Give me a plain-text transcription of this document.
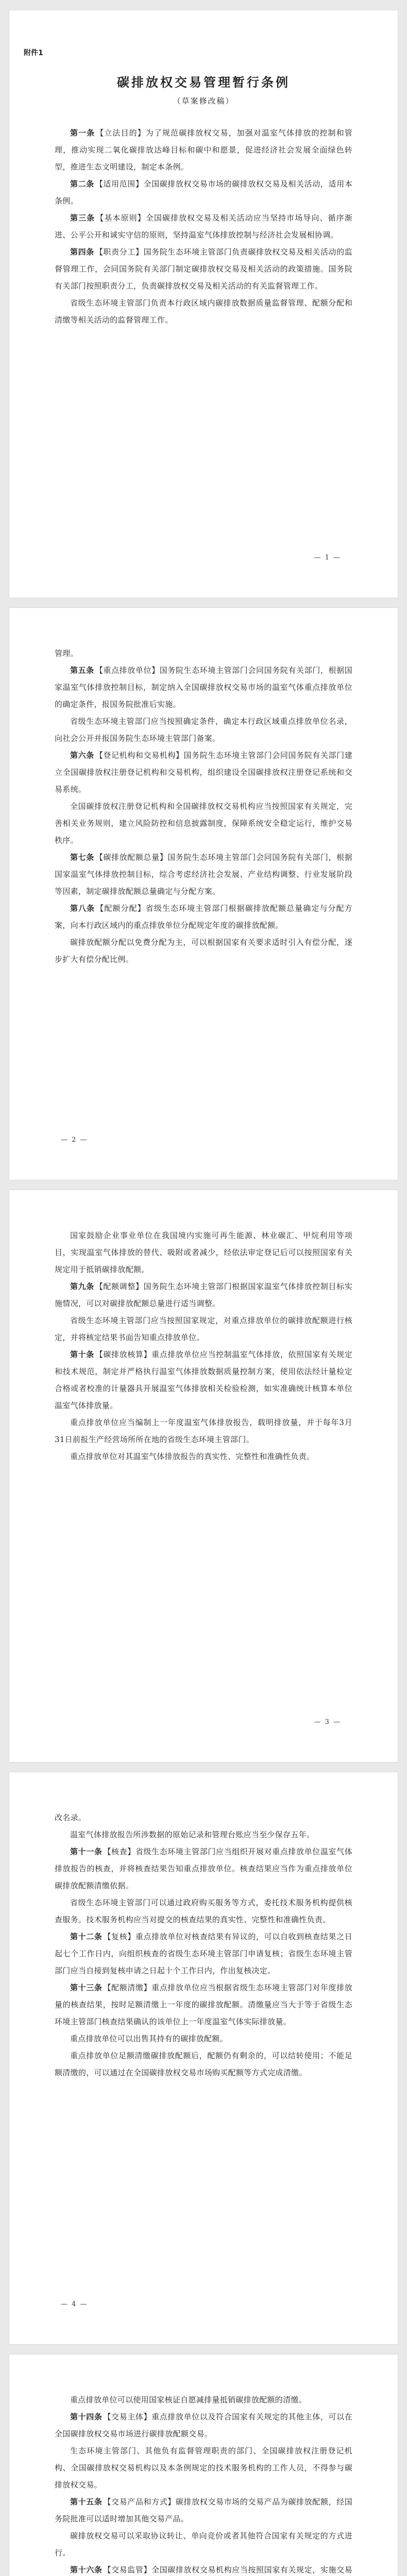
附件1
碳排放权交易管理暂行条例
（草案修改稿）

第一条 【立法目的】为了规范碳排放权交易，加强对温室气体排放的控制和管理，推动实现二氧化碳排放达峰目标和碳中和愿景，促进经济社会发展全面绿色转型，推进生态文明建设，制定本条例。

第二条 【适用范围】全国碳排放权交易市场的碳排放权交易及相关活动，适用本条例。

第三条 【基本原则】全国碳排放权交易及相关活动应当坚持市场导向、循序渐进、公平公开和诚实守信的原则，坚持温室气体排放控制与经济社会发展相协调。

第四条 【职责分工】国务院生态环境主管部门负责碳排放权交易及相关活动的监督管理工作，会同国务院有关部门制定碳排放权交易及相关活动的政策措施。国务院有关部门按照职责分工，负责碳排放权交易及相关活动的有关监督管理工作。

省级生态环境主管部门负责本行政区域内碳排放数据质量监督管理、配额分配和清缴等相关活动的监督管理工作。

— 1 —

管理。

第五条 【重点排放单位】国务院生态环境主管部门会同国务院有关部门，根据国家温室气体排放控制目标，制定纳入全国碳排放权交易市场的温室气体重点排放单位的确定条件，报国务院批准后实施。

省级生态环境主管部门应当按照确定条件，确定本行政区域重点排放单位名录，向社会公开并报国务院生态环境主管部门备案。

第六条 【登记机构和交易机构】国务院生态环境主管部门会同国务院有关部门建立全国碳排放权注册登记机构和交易机构，组织建设全国碳排放权注册登记系统和交易系统。

全国碳排放权注册登记机构和全国碳排放权交易机构应当按照国家有关规定，完善相关业务规则，建立风险防控和信息披露制度，保障系统安全稳定运行，维护交易秩序。

第七条 【碳排放配额总量】国务院生态环境主管部门会同国务院有关部门，根据国家温室气体排放控制目标，综合考虑经济社会发展、产业结构调整、行业发展阶段等因素，制定碳排放配额总量确定与分配方案。

第八条 【配额分配】省级生态环境主管部门根据碳排放配额总量确定与分配方案，向本行政区域内的重点排放单位分配规定年度的碳排放配额。

碳排放配额分配以免费分配为主，可以根据国家有关要求适时引入有偿分配，逐步扩大有偿分配比例。

— 2 —

国家鼓励企业事业单位在我国境内实施可再生能源、林业碳汇、甲烷利用等项目，实现温室气体排放的替代、吸附或者减少，经依法审定登记后可以按照国家有关规定用于抵销碳排放配额。

第九条 【配额调整】国务院生态环境主管部门根据国家温室气体排放控制目标实施情况，可以对碳排放配额总量进行适当调整。

省级生态环境主管部门应当按照国家规定，对重点排放单位的碳排放配额进行核定，并将核定结果书面告知重点排放单位。

第十条 【碳排放核算】重点排放单位应当控制温室气体排放，依照国家有关规定和技术规范，制定并严格执行温室气体排放数据质量控制方案，使用依法经计量检定合格或者校准的计量器具开展温室气体排放相关检验检测，如实准确统计核算本单位温室气体排放量。

重点排放单位应当编制上一年度温室气体排放报告，载明排放量，并于每年3月31日前报生产经营场所所在地的省级生态环境主管部门。

重点排放单位对其温室气体排放报告的真实性、完整性和准确性负责。

— 3 —

改名录。

温室气体排放报告所涉数据的原始记录和管理台账应当至少保存五年。

第十一条 【核查】省级生态环境主管部门应当组织开展对重点排放单位温室气体排放报告的核查，并将核查结果告知重点排放单位。核查结果应当作为重点排放单位碳排放配额清缴依据。

省级生态环境主管部门可以通过政府购买服务等方式，委托技术服务机构提供核查服务。技术服务机构应当对提交的核查结果的真实性、完整性和准确性负责。

第十二条 【复核】重点排放单位对核查结果有异议的，可以自收到核查结果之日起七个工作日内，向组织核查的省级生态环境主管部门申请复核；省级生态环境主管部门应当自接到复核申请之日起十个工作日内，作出复核决定。

第十三条 【配额清缴】重点排放单位应当根据省级生态环境主管部门对年度排放量的核查结果，按时足额清缴上一年度的碳排放配额。清缴量应当大于等于省级生态环境主管部门核查结果确认的该单位上一年度温室气体实际排放量。

重点排放单位可以出售其持有的碳排放配额。

重点排放单位足额清缴碳排放配额后，配额仍有剩余的，可以结转使用；不能足额清缴的，可以通过在全国碳排放权交易市场购买配额等方式完成清缴。

— 4 —

重点排放单位可以使用国家核证自愿减排量抵销碳排放配额的清缴。

第十四条 【交易主体】重点排放单位以及符合国家有关规定的其他主体，可以在全国碳排放权交易市场进行碳排放配额交易。

生态环境主管部门、其他负有监督管理职责的部门、全国碳排放权注册登记机构、全国碳排放权交易机构以及本条例规定的技术服务机构的工作人员，不得参与碳排放权交易。

第十五条 【交易产品和方式】碳排放权交易市场的交易产品为碳排放配额，经国务院批准可以适时增加其他交易产品。

碳排放权交易可以采取协议转让、单向竞价或者其他符合国家有关规定的方式进行。

第十六条 【交易监管】全国碳排放权交易机构应当按照国家有关规定，实施交易
